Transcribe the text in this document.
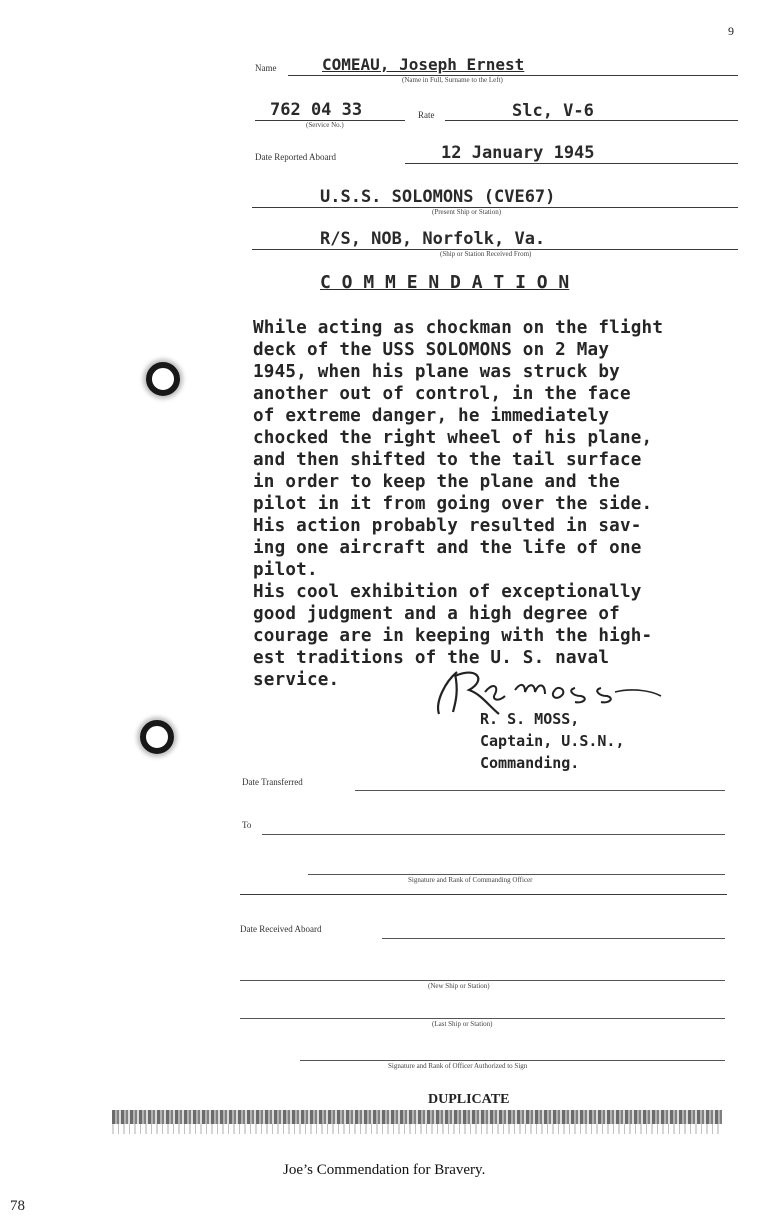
9
Name	COMEAU, Joseph Ernest
(Name in Full, Surname to the Left)
762 04 33
(Service No.)
Rate	Slc, V-6
Date Reported Aboard	12 January 1945
U.S.S. SOLOMONS (CVE67)
(Present Ship or Station)
R/S, NOB, Norfolk, Va.
(Ship or Station Received From)
C O M M E N D A T I O N
While acting as chockman on the flight
deck of the USS SOLOMONS on 2 May
1945, when his plane was struck by
another out of control, in the face
of extreme danger, he immediately
chocked the right wheel of his plane,
and then shifted to the tail surface
in order to keep the plane and the
pilot in it from going over the side.
His action probably resulted in sav-
ing one aircraft and the life of one
pilot.
His cool exhibition of exceptionally
good judgment and a high degree of
courage are in keeping with the high-
est traditions of the U. S. naval
service.
R. S. MOSS,
Captain, U.S.N.,
Commanding.
Date Transferred
To
Signature and Rank of Commanding Officer
Date Received Aboard
(New Ship or Station)
(Last Ship or Station)
Signature and Rank of Officer Authorized to Sign
DUPLICATE
Joe’s Commendation for Bravery.
78
